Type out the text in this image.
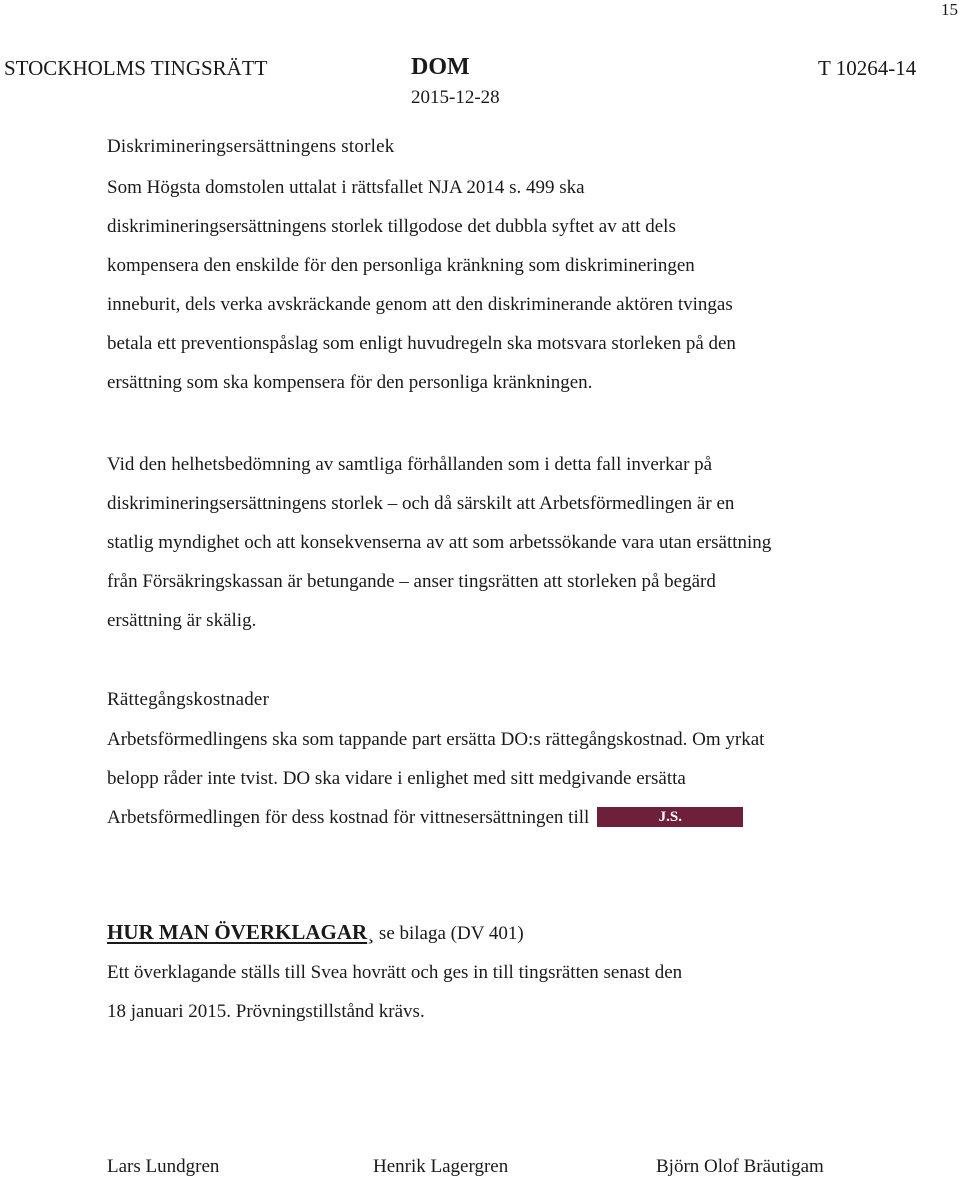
15
STOCKHOLMS TINGSRÄTT	DOM
2015-12-28
T 10264-14
Diskrimineringsersättningens storlek
Som Högsta domstolen uttalat i rättsfallet NJA 2014 s. 499 ska
diskrimineringsersättningens storlek tillgodose det dubbla syftet av att dels
kompensera den enskilde för den personliga kränkning som diskrimineringen
inneburit, dels verka avskräckande genom att den diskriminerande aktören tvingas
betala ett preventionspåslag som enligt huvudregeln ska motsvara storleken på den
ersättning som ska kompensera för den personliga kränkningen.
Vid den helhetsbedömning av samtliga förhållanden som i detta fall inverkar på
diskrimineringsersättningens storlek – och då särskilt att Arbetsförmedlingen är en
statlig myndighet och att konsekvenserna av att som arbetssökande vara utan ersättning
från Försäkringskassan är betungande – anser tingsrätten att storleken på begärd
ersättning är skälig.
Rättegångskostnader
Arbetsförmedlingens ska som tappande part ersätta DO:s rättegångskostnad. Om yrkat
belopp råder inte tvist. DO ska vidare i enlighet med sitt medgivande ersätta
Arbetsförmedlingen för dess kostnad för vittnesersättningen till	J.S.
HUR MAN ÖVERKLAGAR¸ se bilaga (DV 401)
Ett överklagande ställs till Svea hovrätt och ges in till tingsrätten senast den
18 januari 2015. Prövningstillstånd krävs.
Lars Lundgren	Henrik Lagergren	Björn Olof Bräutigam
